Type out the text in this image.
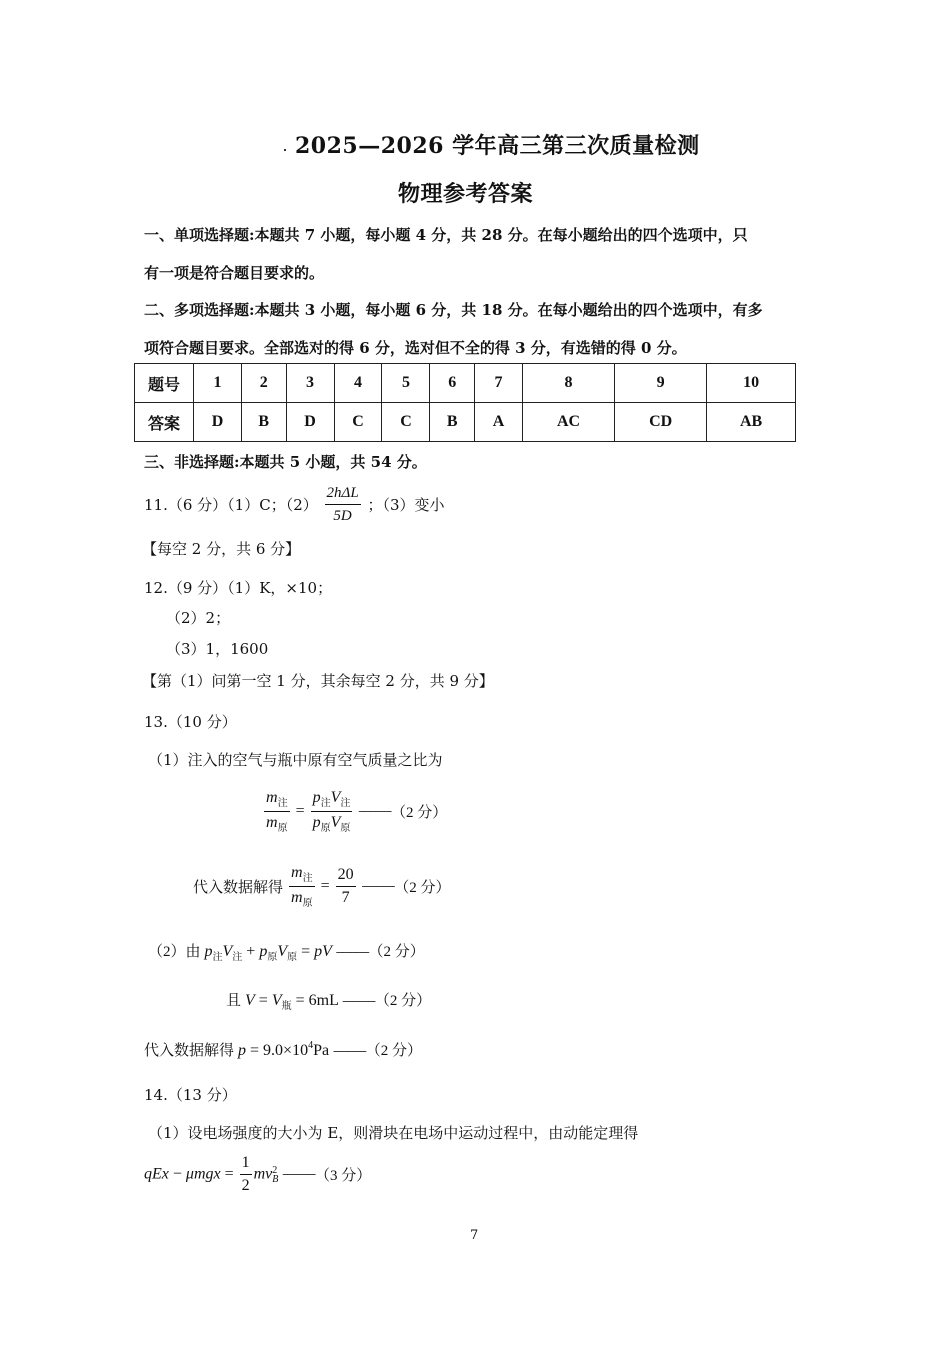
2025—2026 学年高三第三次质量检测
物理参考答案
一、单项选择题:本题共 7 小题，每小题 4 分，共 28 分。在每小题给出的四个选项中，只
有一项是符合题目要求的。
二、多项选择题:本题共 3 小题，每小题 6 分，共 18 分。在每小题给出的四个选项中，有多
项符合题目要求。全部选对的得 6 分，选对但不全的得 3 分，有选错的得 0 分。
题号	1	2	3	4	5	6	7	8	9	10
答案	D	B	D	C	C	B	A	AC	CD	AB
三、非选择题:本题共 5 小题，共 54 分。
11.（6 分）（1）C；$(2) \frac{\text{2hΔL}}{5D}$ ；（3）变小
【每空 2 分，共 6 分】
12.（9 分）（1）K，×10；
（2）2；
（3）1，1600
【第（1）问第一空 1 分，其余每空 2 分，共 9 分】
13.（10 分）
（1）注入的空气与瓶中原有空气质量之比为
$\frac{m_注}{m_原} = \frac{p_注V_注}{p_原V_原} --------------(2$ 分）
代入数据解得 $\frac{m_注}{m_原} = \frac{20}{7} --------------(2$ 分）
（2）由 $p_注V_注 + p_原V_原$ = pV --------------（2 分）
且 $V = V_瓶 = 6mL$ --------------（2 分）
代入数据解得 $p = 9.0\times 10^4Pa$ --------------（2 分）
14.（13 分）
（1）设电场强度的大小为 E，则滑块在电场中运动过程中，由动能定理得
qEx − $\mu mgx = \frac{1}{2}$ mv 2
B --------------（3 分）
7
